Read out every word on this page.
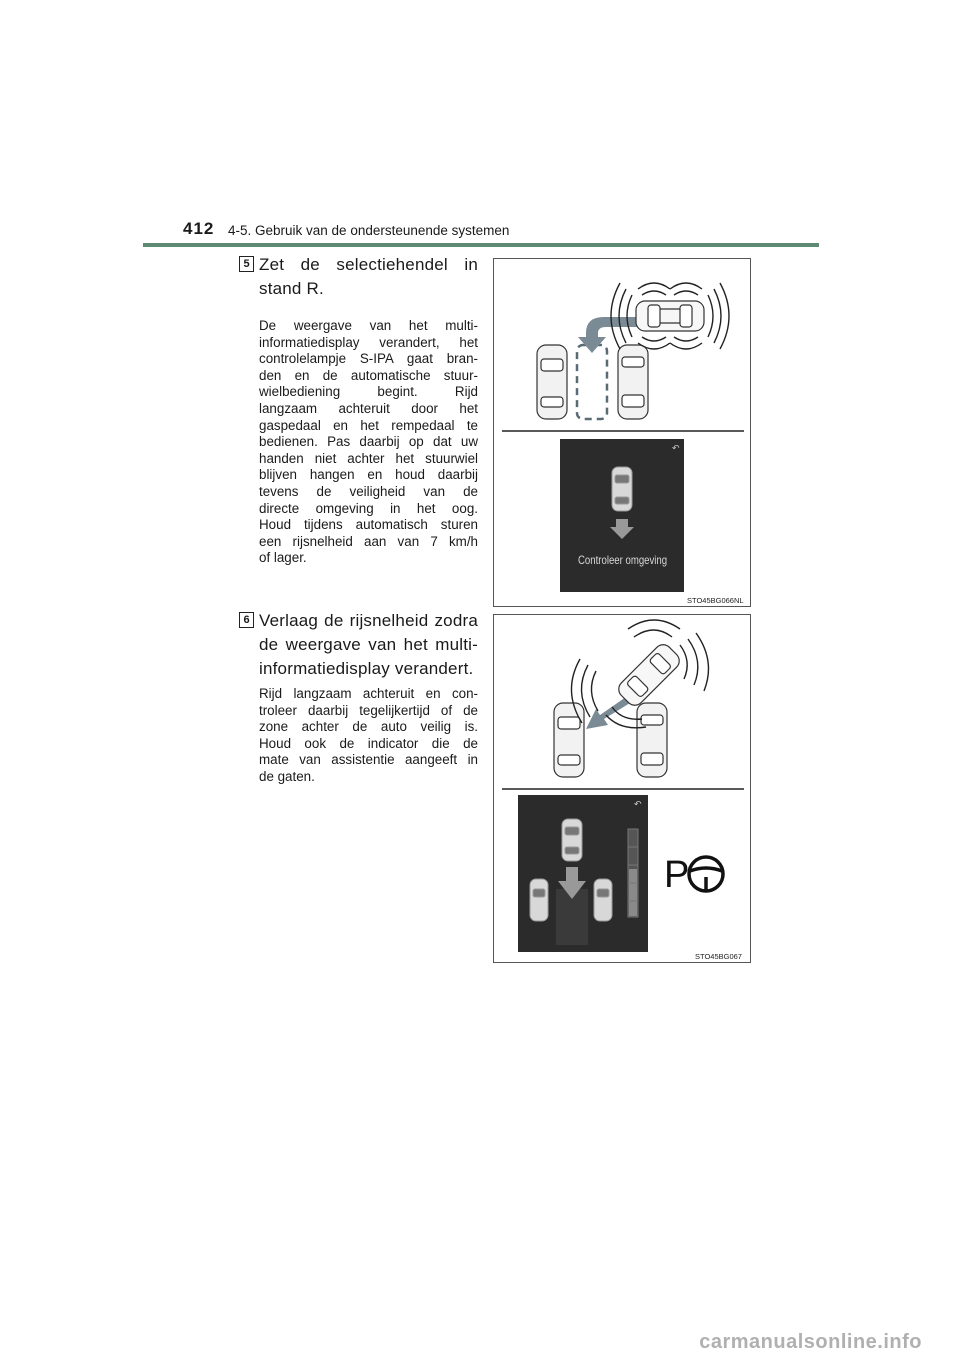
412 4-5. Gebruik van de ondersteunende systemen
5 Zet de selectiehendel in
stand R.
De weergave van het multi-
informatiedisplay verandert, het
controlelampje S-IPA gaat bran-
den en de automatische stuur-
wielbediening begint. Rijd
langzaam achteruit door het
gaspedaal en het rempedaal te
bedienen. Pas daarbij op dat uw
handen niet achter het stuurwiel
blijven hangen en houd daarbij
tevens de veiligheid van de
directe omgeving in het oog.
Houd tijdens automatisch sturen
een rijsnelheid aan van 7 km/h
of lager.
↶
Controleer omgeving
STO45BG066NL
6 Verlaag de rijsnelheid zodra
de weergave van het multi-
informatiedisplay verandert.
Rijd langzaam achteruit en con-
troleer daarbij tegelijkertijd of de
zone achter de auto veilig is.
Houd ook de indicator die de
mate van assistentie aangeeft in
de gaten.
P
↶
STO45BG067
carmanualsonline.info
